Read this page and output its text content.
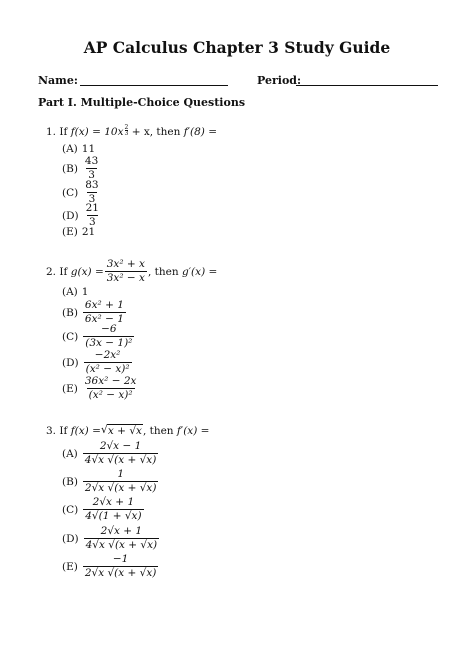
AP Calculus Chapter 3 Study Guide
Name:	Period:
Part I. Multiple-Choice Questions
1. If $f(x) = 10x \frac{2}{3} + x$, then f′(8) =
(A) 11
$(B) \frac{43}{3}$
$(C) \frac{83}{3}$
$(D) \frac{21}{3}$
(E) 21
2.
If
$g(x) = \frac{\text{3x² + x}}{\text{3x² − x}}$ , then
g′(x) =
(A) 1
$(B) \frac{\text{6x² + 1}}{\text{6x² − 1}}$
$(C) \frac{-6}{\text{(3x − 1)²}}$
$(D) \frac{\text{−2x²}}{\text{(x² − x)²}}$
$(E) \frac{\text{36x² − 2x}}{\text{(x² − x)²}}$
3.
If
f(x) = √ x + √x , then
f′(x) =
$(A) \frac{2√x - 1}{4√x √(x + √x)}$
$(B) \frac{1}{2√x √(x + √x)}$
$(C) \frac{2√x + 1}{4√(1 + √x)}$
$(D) \frac{2√x + 1}{4√x √(x + √x)}$
$(E) \frac{-1}{2√x √(x + √x)}$
